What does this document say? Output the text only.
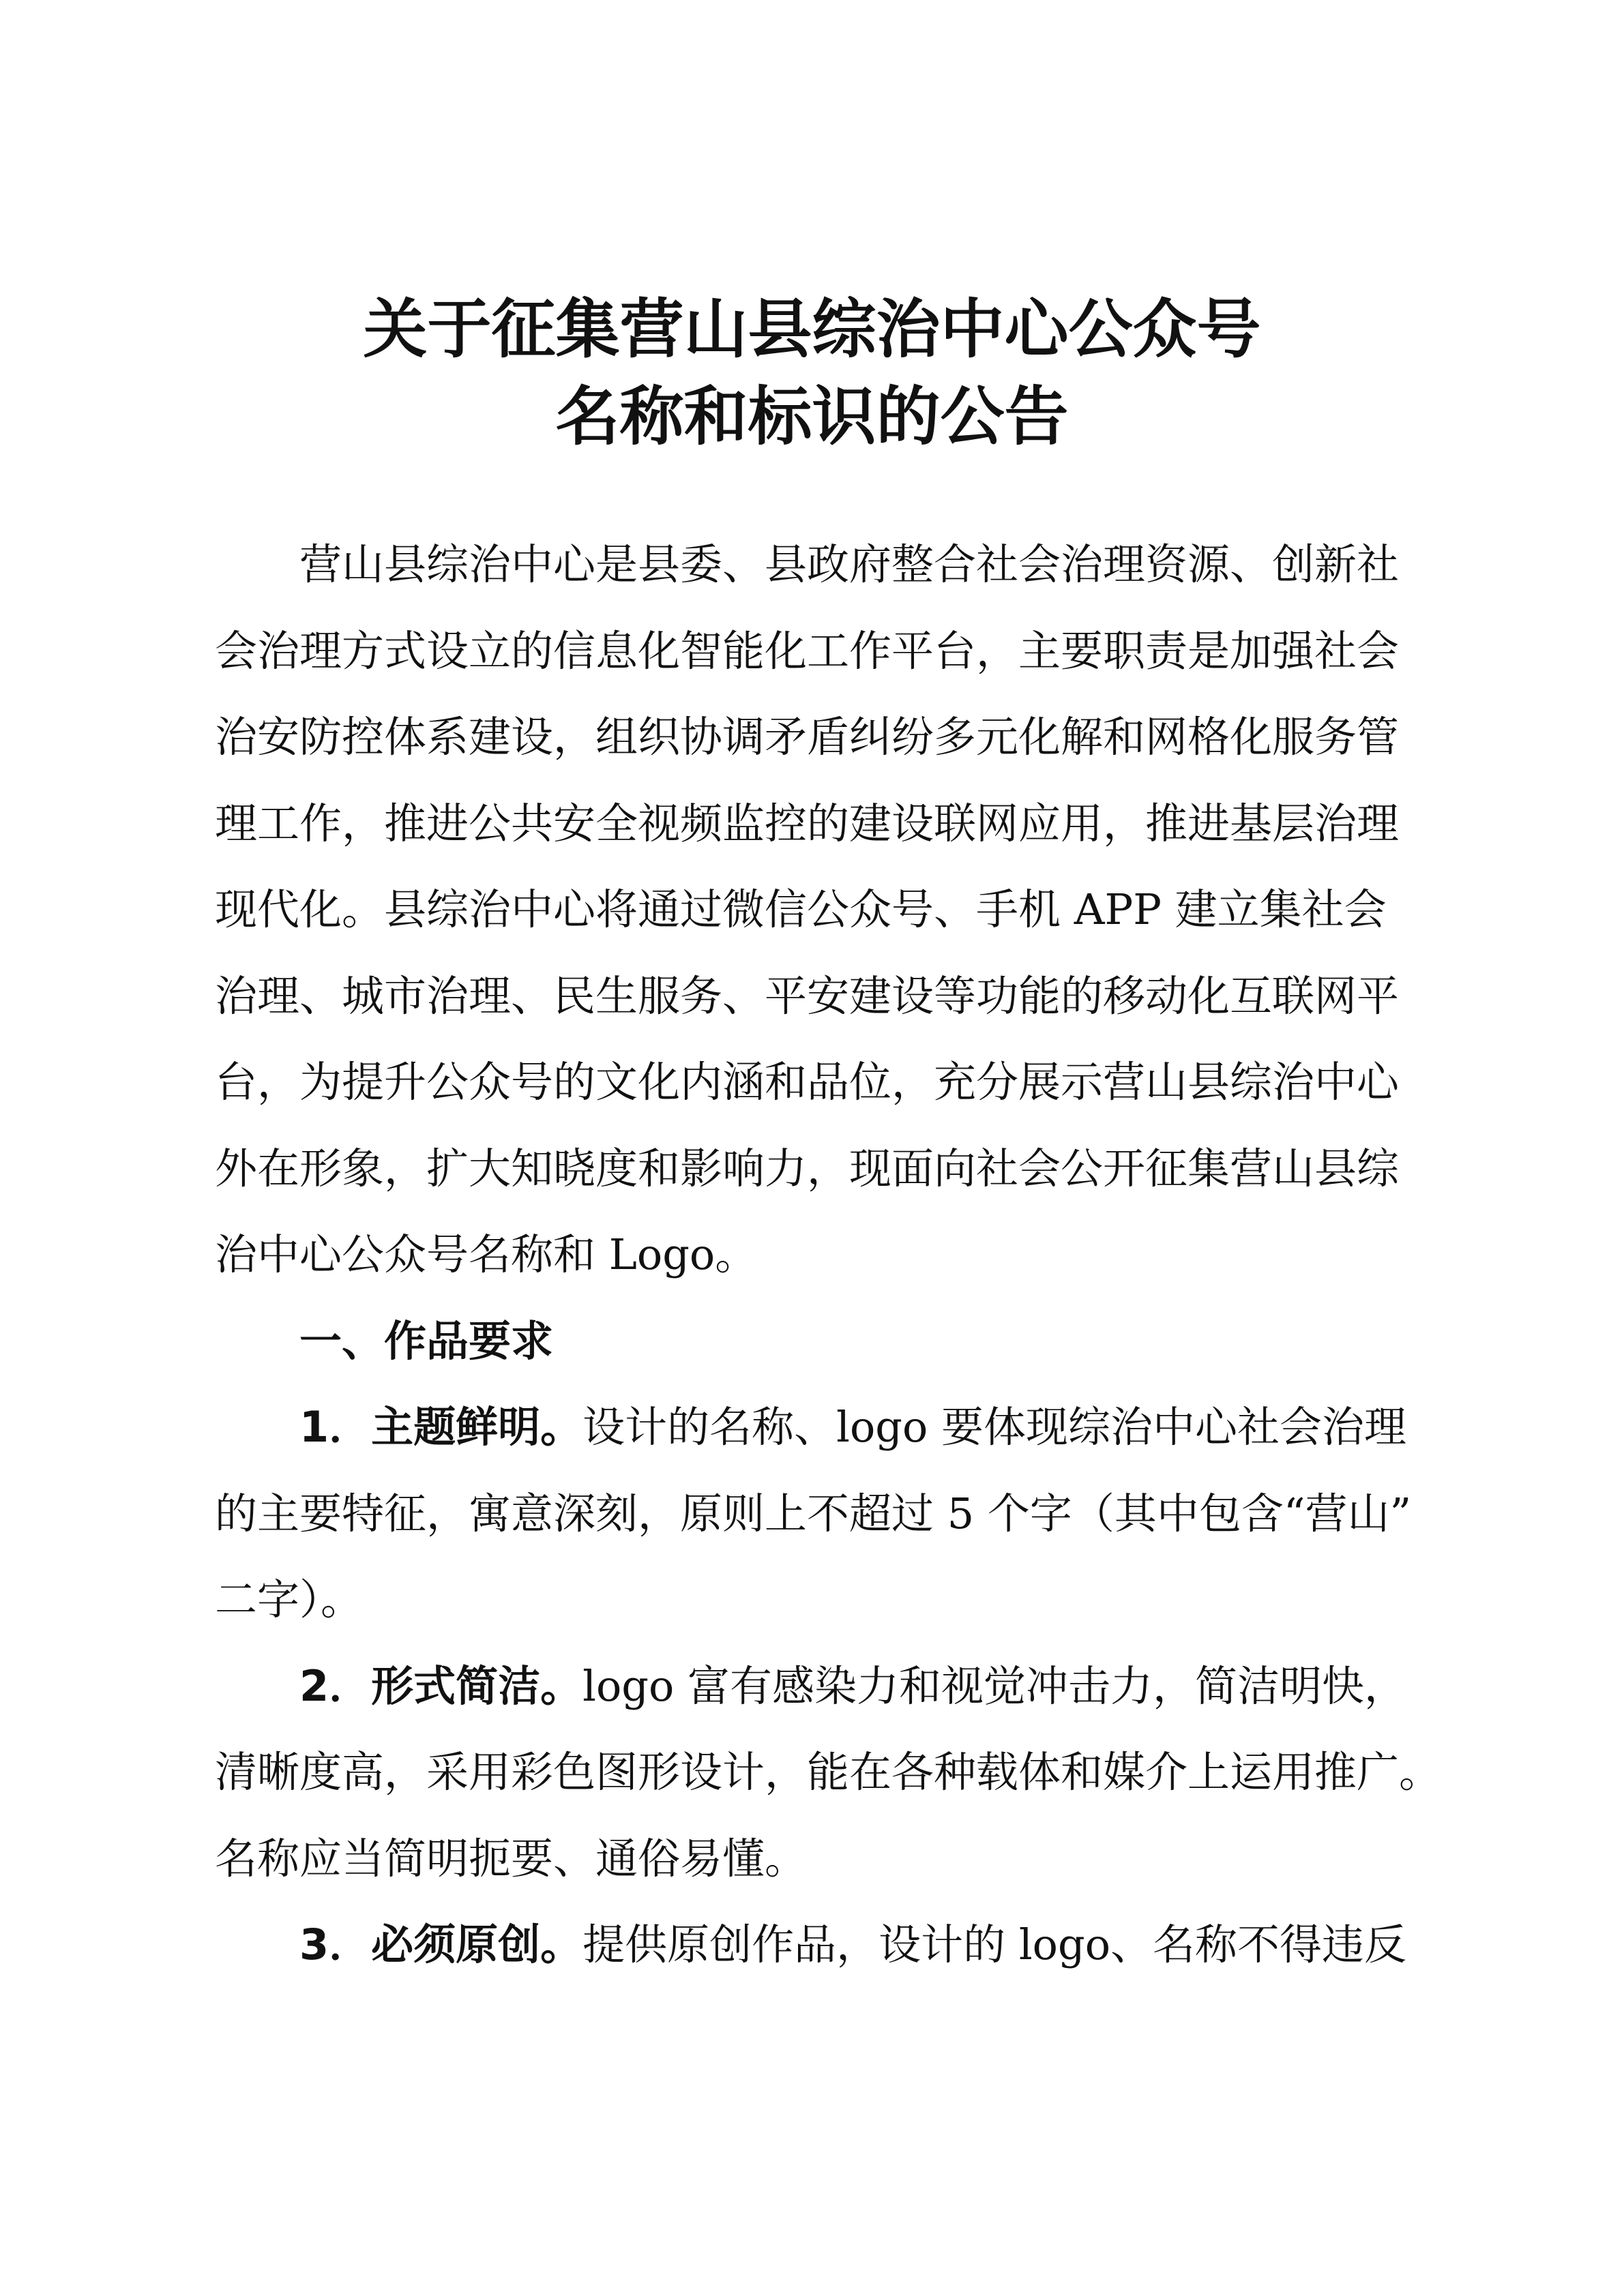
关于征集营山县综治中心公众号
名称和标识的公告
营山县综治中心是县委、县政府整合社会治理资源、创新社
会治理方式设立的信息化智能化工作平台，主要职责是加强社会
治安防控体系建设，组织协调矛盾纠纷多元化解和网格化服务管
理工作，推进公共安全视频监控的建设联网应用，推进基层治理
现代化。县综治中心将通过微信公众号、手机 APP 建立集社会
治理、城市治理、民生服务、平安建设等功能的移动化互联网平
台，为提升公众号的文化内涵和品位，充分展示营山县综治中心
外在形象，扩大知晓度和影响力，现面向社会公开征集营山县综
治中心公众号名称和 Logo。
一、作品要求
1．主题鲜明。设计的名称、logo 要体现综治中心社会治理
的主要特征，寓意深刻，原则上不超过 5 个字（其中包含“营山”
二字）。
2．形式简洁。logo 富有感染力和视觉冲击力，简洁明快，
清晰度高，采用彩色图形设计，能在各种载体和媒介上运用推广。
名称应当简明扼要、通俗易懂。
3．必须原创。提供原创作品，设计的 logo、名称不得违反
